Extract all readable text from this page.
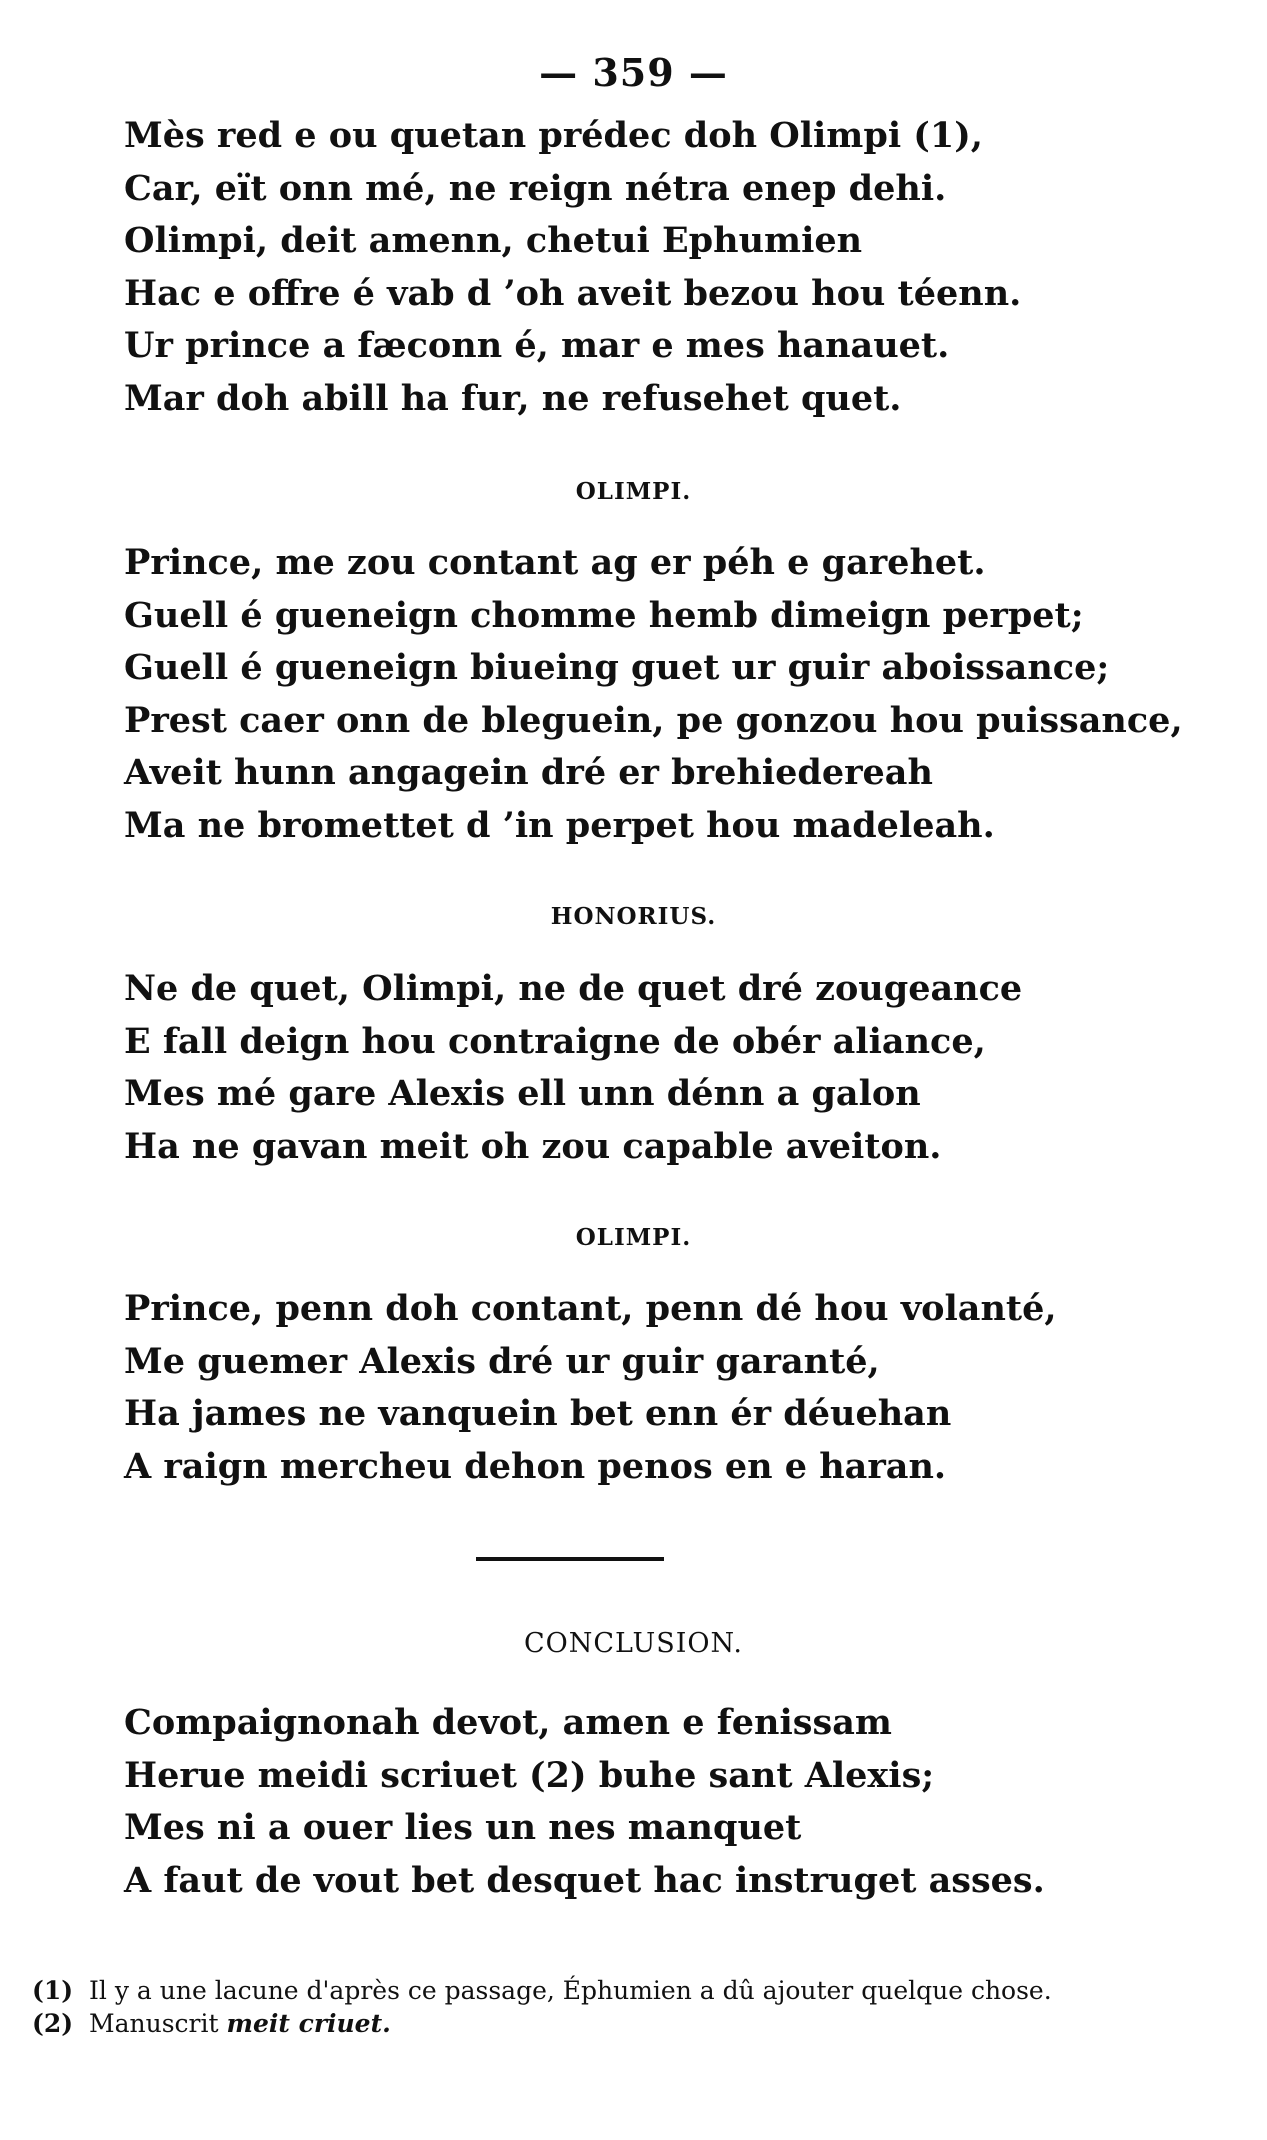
— 359 —
Mès red e ou quetan prédec doh Olimpi (1),
Car, eït onn mé, ne reign nétra enep dehi.
Olimpi, deit amenn, chetui Ephumien
Hac e offre é vab d ’oh aveit bezou hou téenn.
Ur prince a fæconn é, mar e mes hanauet.
Mar doh abill ha fur, ne refusehet quet.
OLIMPI.
Prince, me zou contant ag er péh e garehet.
Guell é gueneign chomme hemb dimeign perpet;
Guell é gueneign biueing guet ur guir aboissance;
Prest caer onn de bleguein, pe gonzou hou puissance,
Aveit hunn angagein dré er brehiedereah
Ma ne bromettet d ’in perpet hou madeleah.
HONORIUS.
Ne de quet, Olimpi, ne de quet dré zougeance
E fall deign hou contraigne de obér aliance,
Mes mé gare Alexis ell unn dénn a galon
Ha ne gavan meit oh zou capable aveiton.
OLIMPI.
Prince, penn doh contant, penn dé hou volanté,
Me guemer Alexis dré ur guir garanté,
Ha james ne vanquein bet enn ér déuehan
A raign mercheu dehon penos en e haran.
CONCLUSION.
Compaignonah devot, amen e fenissam
Herue meidi scriuet (2) buhe sant Alexis;
Mes ni a ouer lies un nes manquet
A faut de vout bet desquet hac instruget asses.
(1) Il y a une lacune d'après ce passage, Éphumien a dû ajouter quelque chose.
(2) Manuscrit meit criuet.
